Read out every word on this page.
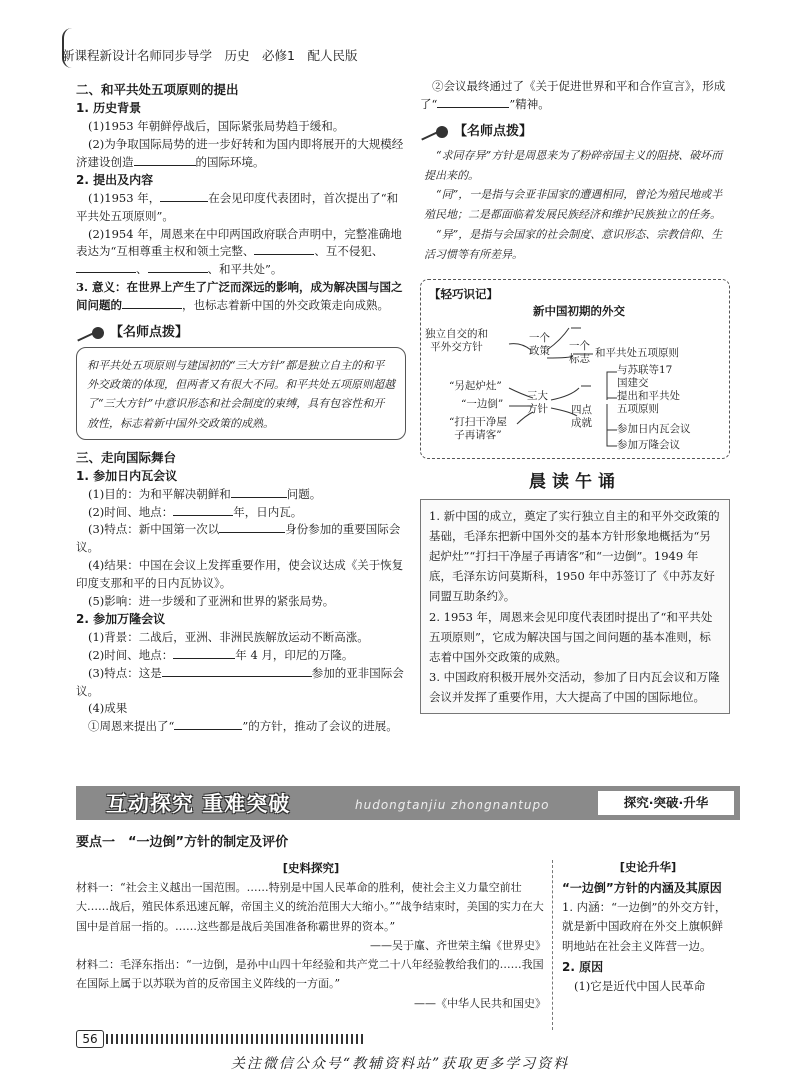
新课程新设计名师同步导学　历史　必修1　配人民版
二、和平共处五项原则的提出
1. 历史背景
(1)1953 年朝鲜停战后，国际紧张局势趋于缓和。
(2)为争取国际局势的进一步好转和为国内即将展开的大规模经济建设创造	的国际环境。
2. 提出及内容
(1)1953 年，	在会见印度代表团时，首次提出了“和平共处五项原则”。
(2)1954 年，周恩来在中印两国政府联合声明中，完整准确地表达为“互相尊重主权和领土完整、	、互不侵犯、、	、和平共处”。
3. 意义：在世界上产生了广泛而深远的影响，成为解决国与国之间问题的	，也标志着新中国的外交政策走向成熟。
【名师点拨】
和平共处五项原则与建国初的“三大方针”都是独立自主的和平外交政策的体现，但两者又有很大不同。和平共处五项原则超越了“三大方针”中意识形态和社会制度的束缚，具有包容性和开放性，标志着新中国外交政策的成熟。
三、走向国际舞台
1. 参加日内瓦会议
(1)目的：为和平解决朝鲜和	问题。
(2)时间、地点：	年，日内瓦。
(3)特点：新中国第一次以	身份参加的重要国际会议。
(4)结果：中国在会议上发挥重要作用，使会议达成《关于恢复印度支那和平的日内瓦协议》。
(5)影响：进一步缓和了亚洲和世界的紧张局势。
2. 参加万隆会议
(1)背景：二战后，亚洲、非洲民族解放运动不断高涨。
(2)时间、地点：	年 4 月，印尼的万隆。
(3)特点：这是	参加的亚非国际会议。
(4)成果
①周恩来提出了“	”的方针，推动了会议的进展。
②会议最终通过了《关于促进世界和平和合作宣言》，形成了“	”精神。
【名师点拨】
“求同存异”方针是周恩来为了粉碎帝国主义的阻挠、破坏而提出来的。
“同”，一是指与会亚非国家的遭遇相同，曾沦为殖民地或半殖民地；二是都面临着发展民族经济和维护民族独立的任务。
“异”，是指与会国家的社会制度、意识形态、宗教信仰、生活习惯等有所差异。
【轻巧识记】
新中国初期的外交
独立自交的和
平外交方针
一个
政策 一个
标志
和平共处五项原则
“另起炉灶”
“一边倒”
“打扫干净屋
子再请客”
三大
方针 四点
成就
与苏联等17
国建交
提出和平共处
五项原则
参加日内瓦会议
参加万隆会议
晨读午诵
1. 新中国的成立，奠定了实行独立自主的和平外交政策的基础，毛泽东把新中国外交的基本方针形象地概括为“另起炉灶”“打扫干净屋子再请客”和“一边倒”。1949 年底，毛泽东访问莫斯科，1950 年中苏签订了《中苏友好同盟互助条约》。
2. 1953 年，周恩来会见印度代表团时提出了“和平共处五项原则”，它成为解决国与国之间问题的基本准则，标志着中国外交政策的成熟。
3. 中国政府积极开展外交活动，参加了日内瓦会议和万隆会议并发挥了重要作用，大大提高了中国的国际地位。
互动探究 重难突破	hudongtanjiu zhongnantupo	探究·突破·升华
要点一　“一边倒”方针的制定及评价
[史料探究]
材料一：“社会主义越出一国范围。……特别是中国人民革命的胜利，使社会主义力量空前壮大……战后，殖民体系迅速瓦解，帝国主义的统治范围大大缩小。”“战争结束时，美国的实力在大国中是首屈一指的。……这些都是战后美国准备称霸世界的资本。”
——吴于廑、齐世荣主编《世界史》
材料二：毛泽东指出：“一边倒，是孙中山四十年经验和共产党二十八年经验教给我们的……我国在国际上属于以苏联为首的反帝国主义阵线的一方面。”
——《中华人民共和国史》
[史论升华]
“一边倒”方针的内涵及其原因
1. 内涵：“一边倒”的外交方针，就是新中国政府在外交上旗帜鲜明地站在社会主义阵营一边。
2. 原因
(1)它是近代中国人民革命
56
关注微信公众号“教辅资料站”获取更多学习资料
